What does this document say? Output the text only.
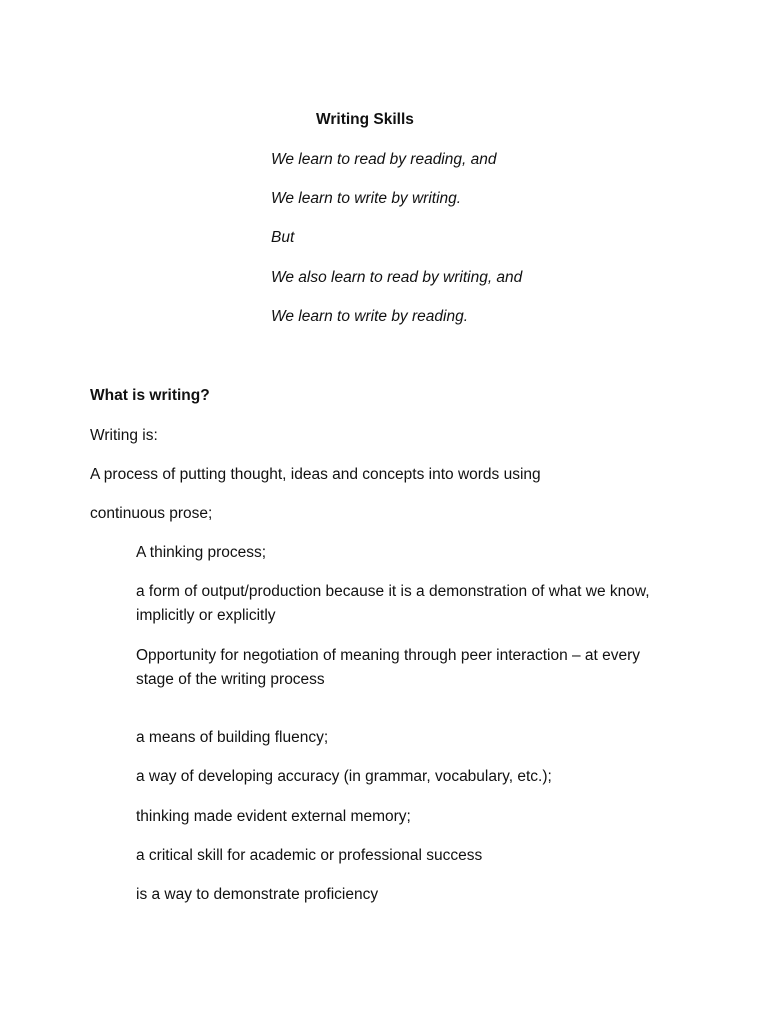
Writing Skills
We learn to read by reading, and
We learn to write by writing.
But
We also learn to read by writing, and
We learn to write by reading.
What is writing?
Writing is:
A process of putting thought, ideas and concepts into words using
continuous prose;
A thinking process;
a form of output/production because it is a demonstration of what we know, implicitly or explicitly
Opportunity for negotiation of meaning through peer interaction – at every stage of the writing process
a means of building fluency;
a way of developing accuracy (in grammar, vocabulary, etc.);
thinking made evident external memory;
a critical skill for academic or professional success
is a way to demonstrate proficiency
